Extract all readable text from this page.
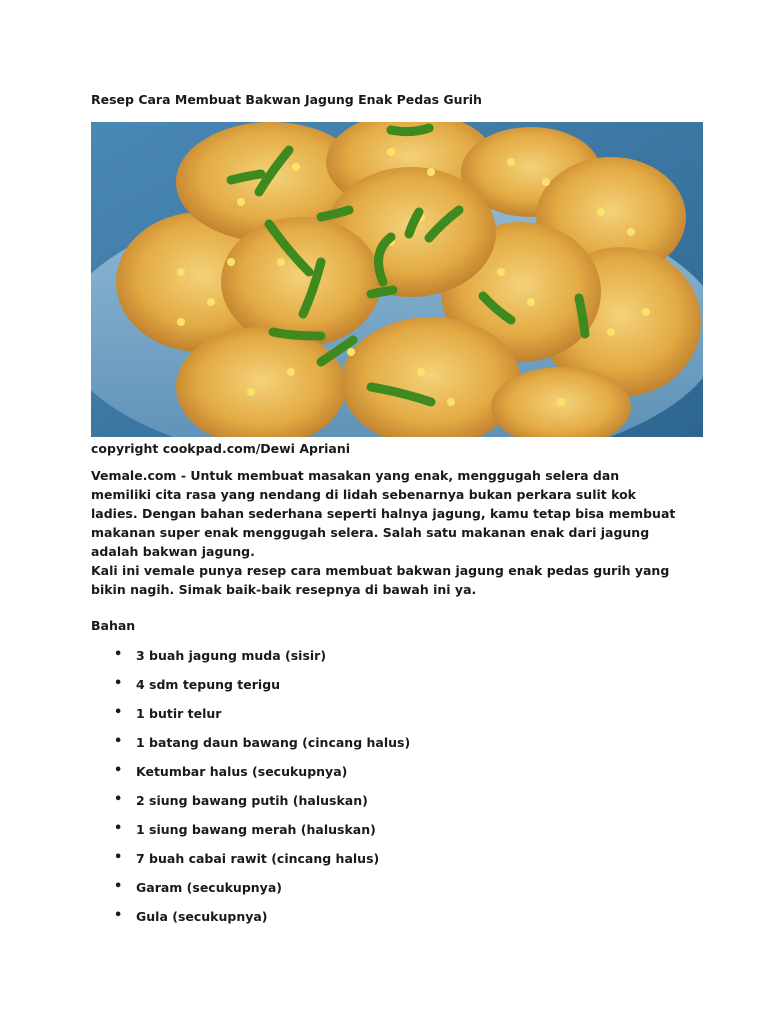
Resep Cara Membuat Bakwan Jagung Enak Pedas Gurih
copyright cookpad.com/Dewi Apriani

Vemale.com - Untuk membuat masakan yang enak, menggugah selera dan memiliki cita rasa yang nendang di lidah sebenarnya bukan perkara sulit kok ladies. Dengan bahan sederhana seperti halnya jagung, kamu tetap bisa membuat makanan super enak menggugah selera. Salah satu makanan enak dari jagung adalah bakwan jagung.

Kali ini vemale punya resep cara membuat bakwan jagung enak pedas gurih yang bikin nagih. Simak baik-baik resepnya di bawah ini ya.

Bahan
• 3 buah jagung muda (sisir)
• 4 sdm tepung terigu
• 1 butir telur
• 1 batang daun bawang (cincang halus)
• Ketumbar halus (secukupnya)
• 2 siung bawang putih (haluskan)
• 1 siung bawang merah (haluskan)
• 7 buah cabai rawit (cincang halus)
• Garam (secukupnya)
• Gula (secukupnya)
